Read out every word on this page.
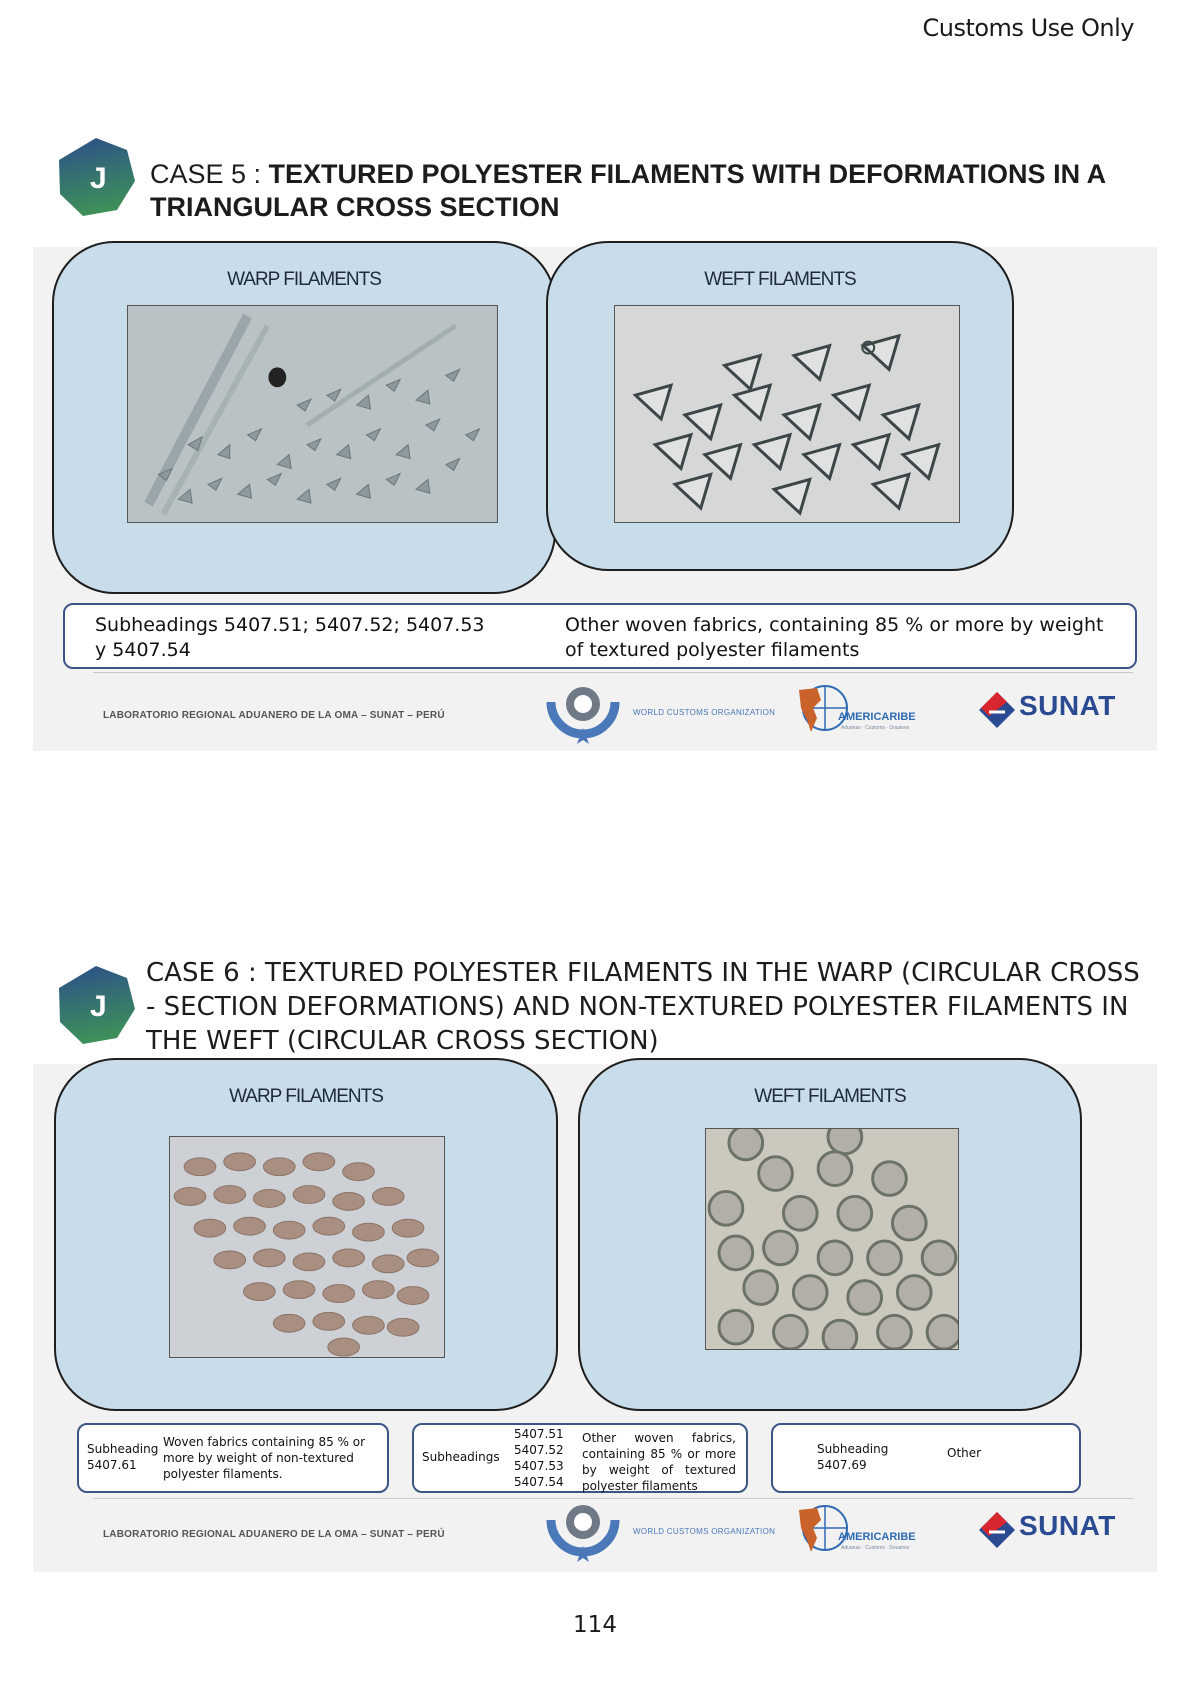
Customs Use Only
J CASE 5 : TEXTURED POLYESTER FILAMENTS WITH DEFORMATIONS IN A TRIANGULAR CROSS SECTION
WARP FILAMENTS	WEFT FILAMENTS
Subheadings 5407.51; 5407.52; 5407.53 y 5407.54
Other woven fabrics, containing 85 % or more by weight of textured polyester filaments
LABORATORIO REGIONAL ADUANERO DE LA OMA – SUNAT – PERÚ	WORLD CUSTOMS ORGANIZATION	AMERICARIBE
Aduanas · Customs · Douanes
SUNAT
J
CASE 6 : TEXTURED POLYESTER FILAMENTS IN THE WARP (CIRCULAR CROSS - SECTION DEFORMATIONS) AND NON-TEXTURED POLYESTER FILAMENTS IN THE WEFT (CIRCULAR CROSS SECTION)
WARP FILAMENTS	WEFT FILAMENTS
Subheading
5407.61
Woven fabrics containing 85 % or more by weight of non-textured polyester filaments.
Subheadings
5407.51
5407.52
5407.53
5407.54
Other woven fabrics, containing 85 % or more by weight of textured polyester filaments
Subheading
5407.69
Other
LABORATORIO REGIONAL ADUANERO DE LA OMA – SUNAT – PERÚ	WORLD CUSTOMS ORGANIZATION	AMERICARIBE
Aduanas · Customs · Douanes
SUNAT
114
